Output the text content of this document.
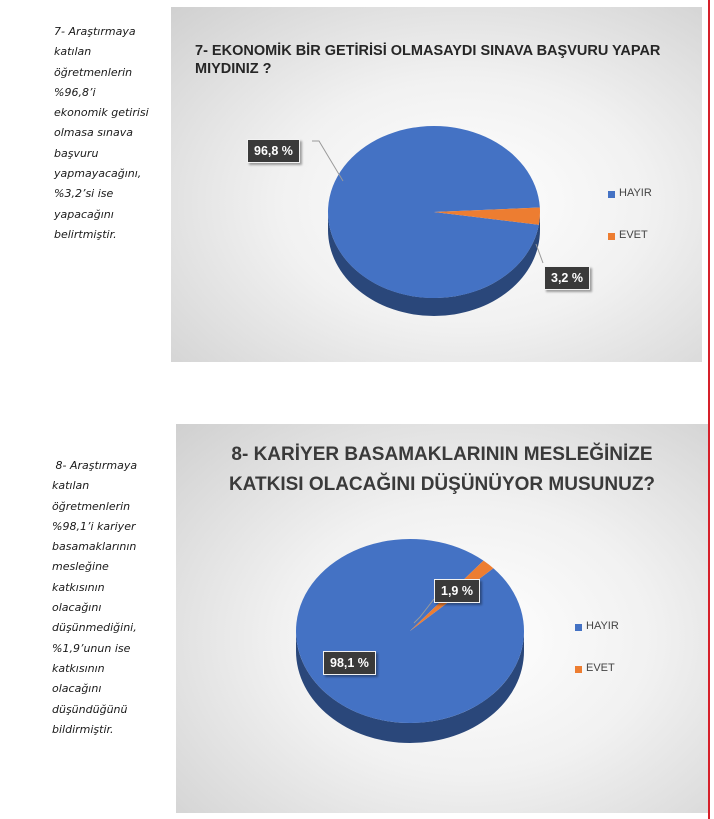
7- Araştırmaya
katılan
öğretmenlerin
%96,8’i
ekonomik getirisi
olmasa sınava
başvuru
yapmayacağını,
%3,2’si ise
yapacağını
belirtmiştir.
8- Araştırmaya
katılan
öğretmenlerin
%98,1’i kariyer
basamaklarının
mesleğine
katkısının
olacağını
düşünmediğini,
%1,9’unun ise
katkısının
olacağını
düşündüğünü
bildirmiştir.
7- EKONOMİK BİR GETİRİSİ OLMASAYDI SINAVA BAŞVURU YAPAR MIYDINIZ ?
96,8 %
3,2 %
HAYIR
EVET
8- KARİYER BASAMAKLARININ MESLEĞİNİZE
KATKISI OLACAĞINI DÜŞÜNÜYOR MUSUNUZ?
98,1 %
1,9 %
HAYIR
EVET
